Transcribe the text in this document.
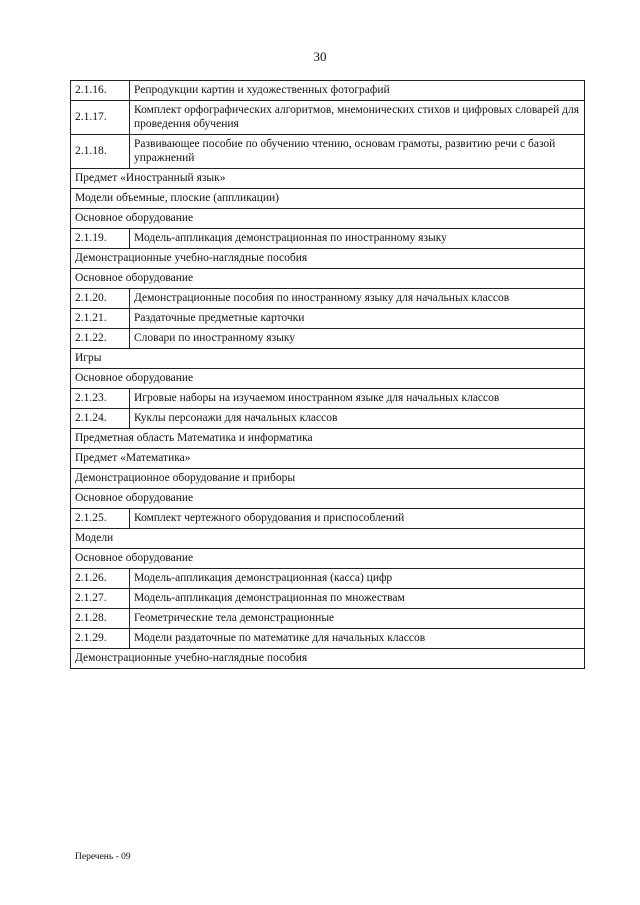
30
2.1.16.	Репродукции картин и художественных фотографий
2.1.17.	Комплект орфографических алгоритмов, мнемонических стихов и цифровых словарей для проведения обучения
2.1.18.	Развивающее пособие по обучению чтению, основам грамоты, развитию речи с базой упражнений
Предмет «Иностранный язык»	
Модели объемные, плоские (аппликации)	
Основное оборудование	
2.1.19.	Модель-аппликация демонстрационная по иностранному языку
Демонстрационные учебно-наглядные пособия	
Основное оборудование	
2.1.20.	Демонстрационные пособия по иностранному языку для начальных классов
2.1.21.	Раздаточные предметные карточки
2.1.22.	Словари по иностранному языку
Игры	
Основное оборудование	
2.1.23.	Игровые наборы на изучаемом иностранном языке для начальных классов
2.1.24.	Куклы персонажи для начальных классов
Предметная область Математика и информатика	
Предмет «Математика»	
Демонстрационное оборудование и приборы	
Основное оборудование	
2.1.25.	Комплект чертежного оборудования и приспособлений
Модели	
Основное оборудование	
2.1.26.	Модель-аппликация демонстрационная (касса) цифр
2.1.27.	Модель-аппликация демонстрационная по множествам
2.1.28.	Геометрические тела демонстрационные
2.1.29.	Модели раздаточные по математике для начальных классов
Демонстрационные учебно-наглядные пособия	
Перечень - 09
